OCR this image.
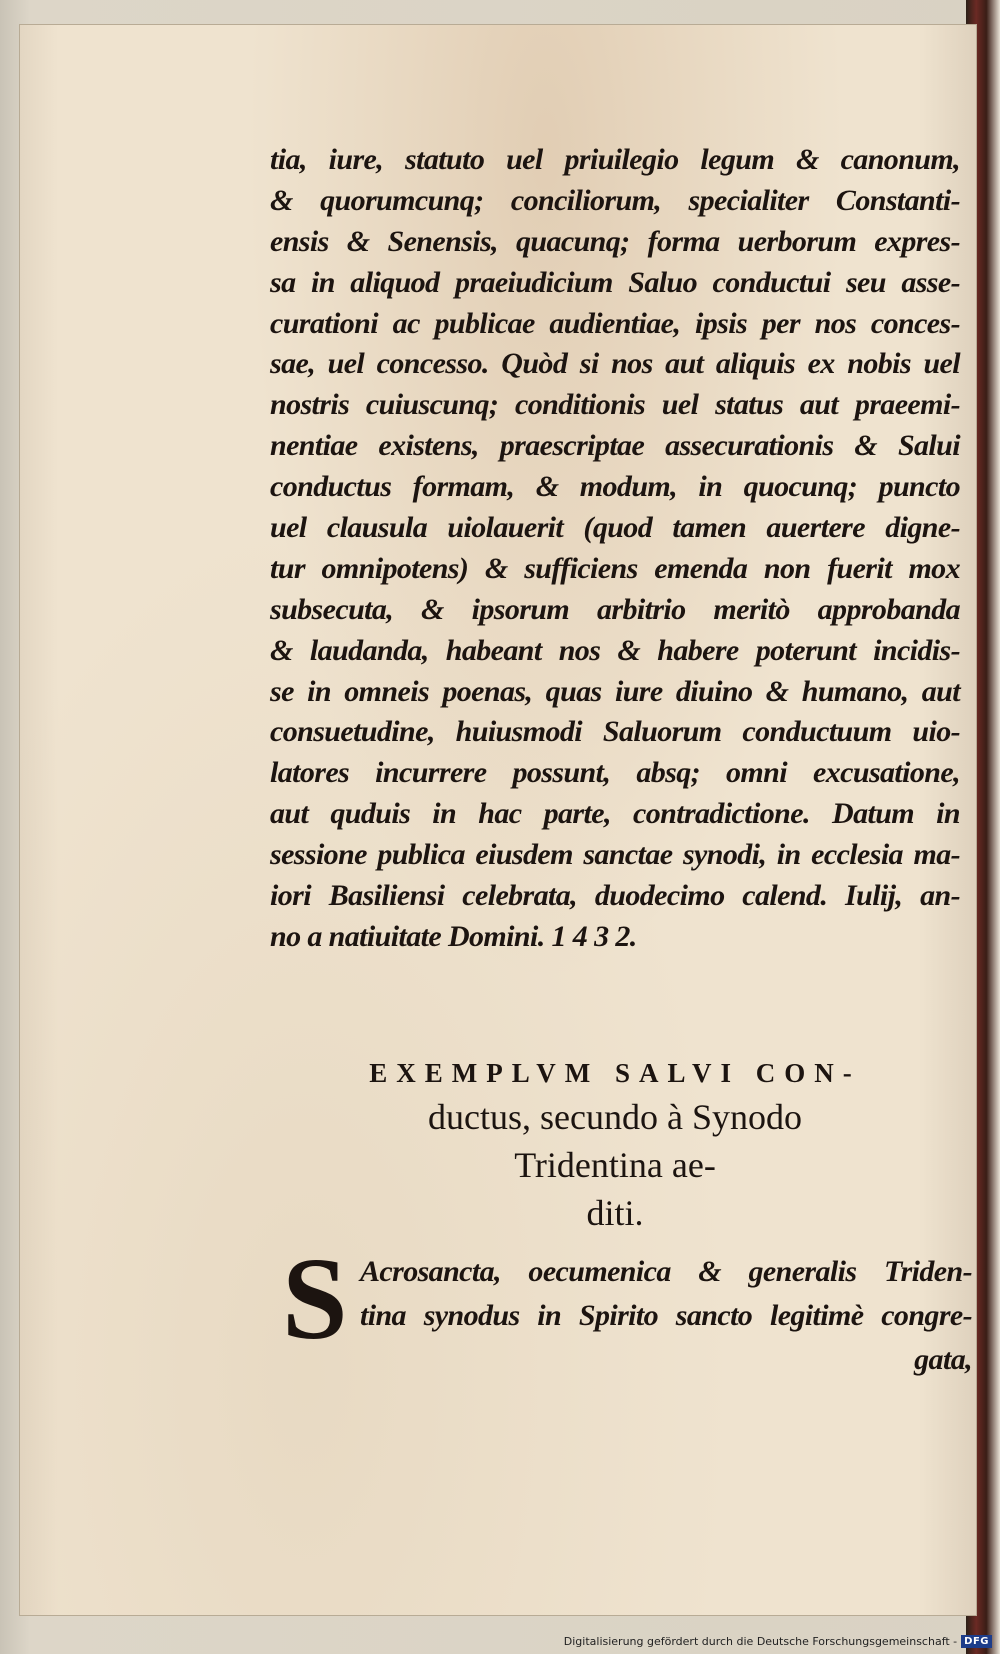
tia, iure, statuto uel priuilegio legum & canonum,
& quorumcunq; conciliorum, specialiter Constanti-
ensis & Senensis, quacunq; forma uerborum expres-
sa in aliquod praeiudicium Saluo conductui seu asse-
curationi ac publicae audientiae, ipsis per nos conces-
sae, uel concesso. Quòd si nos aut aliquis ex nobis uel
nostris cuiuscunq; conditionis uel status aut praeemi-
nentiae existens, praescriptae assecurationis & Salui
conductus formam, & modum, in quocunq; puncto
uel clausula uiolauerit (quod tamen auertere digne-
tur omnipotens) & sufficiens emenda non fuerit mox
subsecuta, & ipsorum arbitrio meritò approbanda
& laudanda, habeant nos & habere poterunt incidis-
se in omneis poenas, quas iure diuino & humano, aut
consuetudine, huiusmodi Saluorum conductuum uio-
latores incurrere possunt, absq; omni excusatione,
aut quduis in hac parte, contradictione. Datum in
sessione publica eiusdem sanctae synodi, in ecclesia ma-
iori Basiliensi celebrata, duodecimo calend. Iulij, an-
no a natiuitate Domini. 1 4 3 2.
EXEMPLVM SALVI CON-
ductus, secundo à Synodo
Tridentina ae-
diti.
S Acrosancta, oecumenica & generalis Triden-
tina synodus in Spirito sancto legitimè congre-
gata,
Digitalisierung gefördert durch die Deutsche Forschungsgemeinschaft - DFG
